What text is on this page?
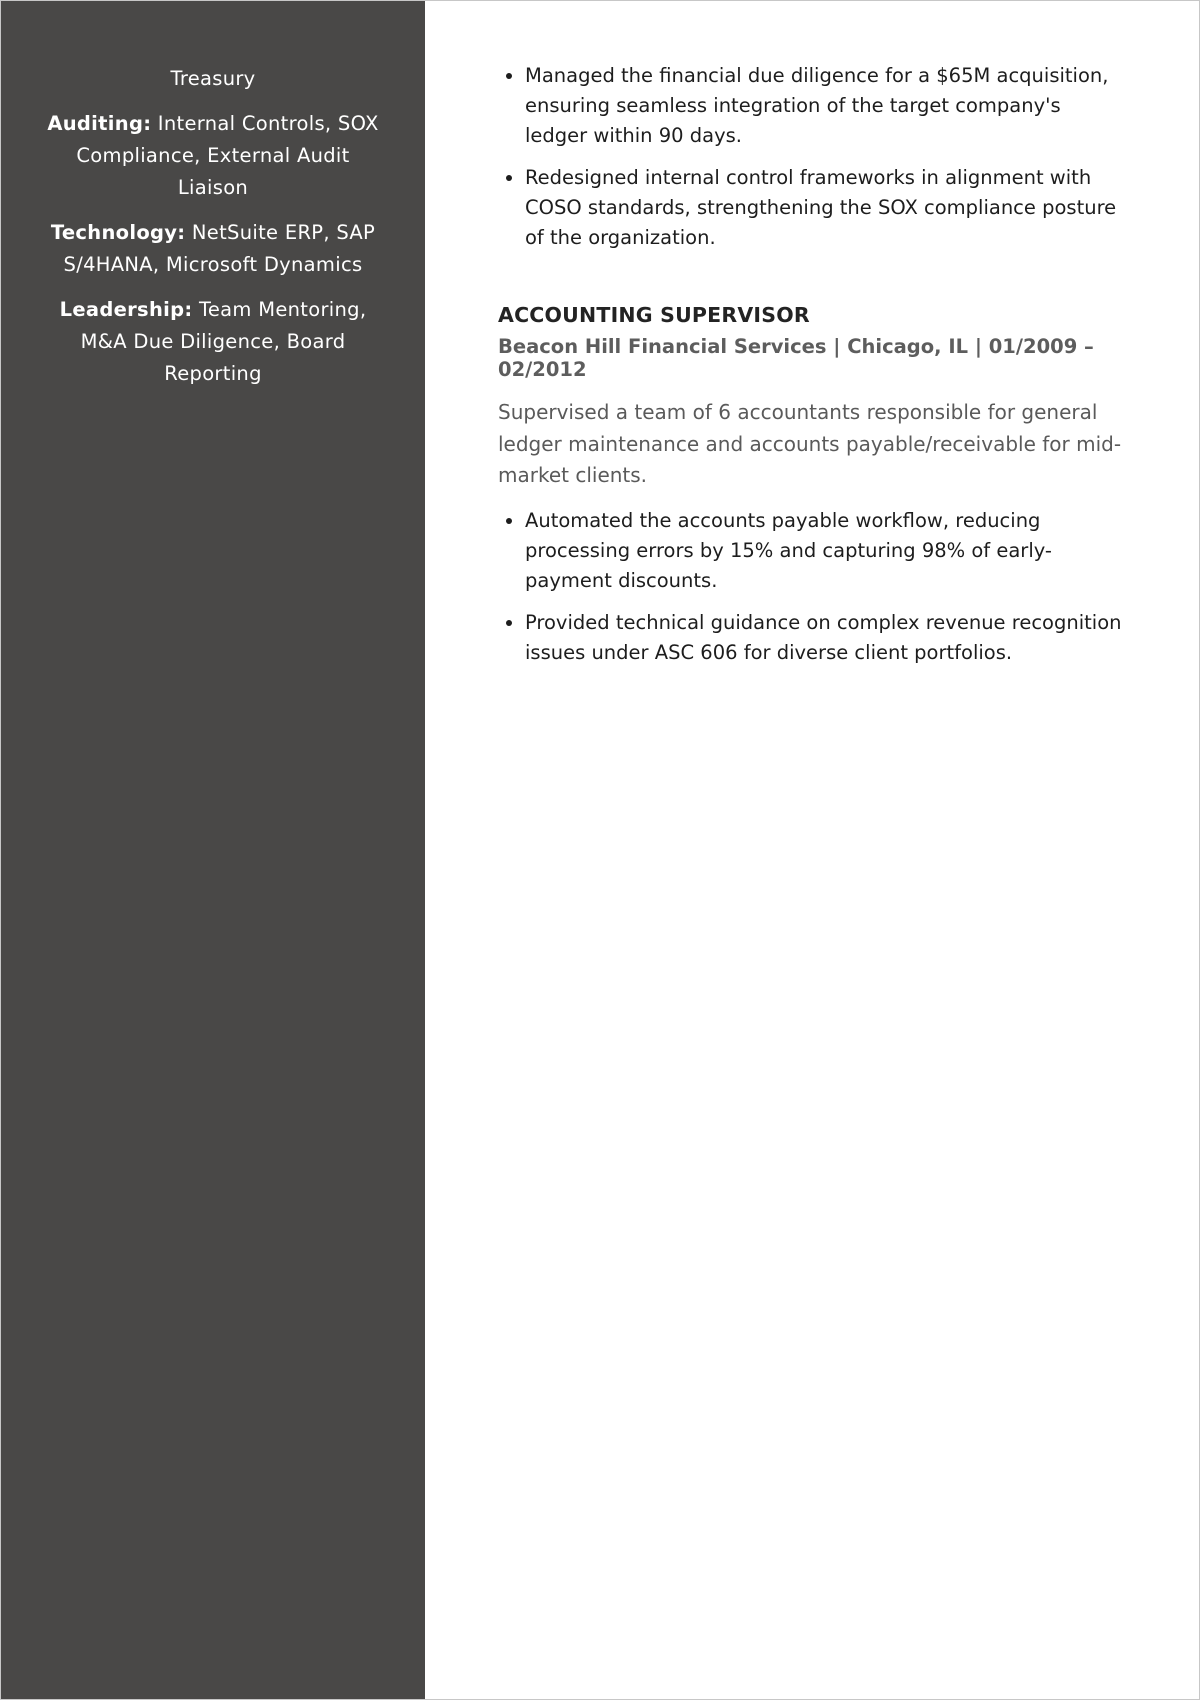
Treasury

Auditing: Internal Controls, SOX Compliance, External Audit Liaison

Technology: NetSuite ERP, SAP S/4HANA, Microsoft Dynamics

Leadership: Team Mentoring, M&A Due Diligence, Board Reporting

• Managed the financial due diligence for a $65M acquisition, ensuring seamless integration of the target company's ledger within 90 days.
• Redesigned internal control frameworks in alignment with COSO standards, strengthening the SOX compliance posture of the organization.
ACCOUNTING SUPERVISOR
Beacon Hill Financial Services | Chicago, IL | 01/2009 – 02/2012

Supervised a team of 6 accountants responsible for general ledger maintenance and accounts payable/receivable for mid-market clients.

• Automated the accounts payable workflow, reducing processing errors by 15% and capturing 98% of early-payment discounts.
• Provided technical guidance on complex revenue recognition issues under ASC 606 for diverse client portfolios.
